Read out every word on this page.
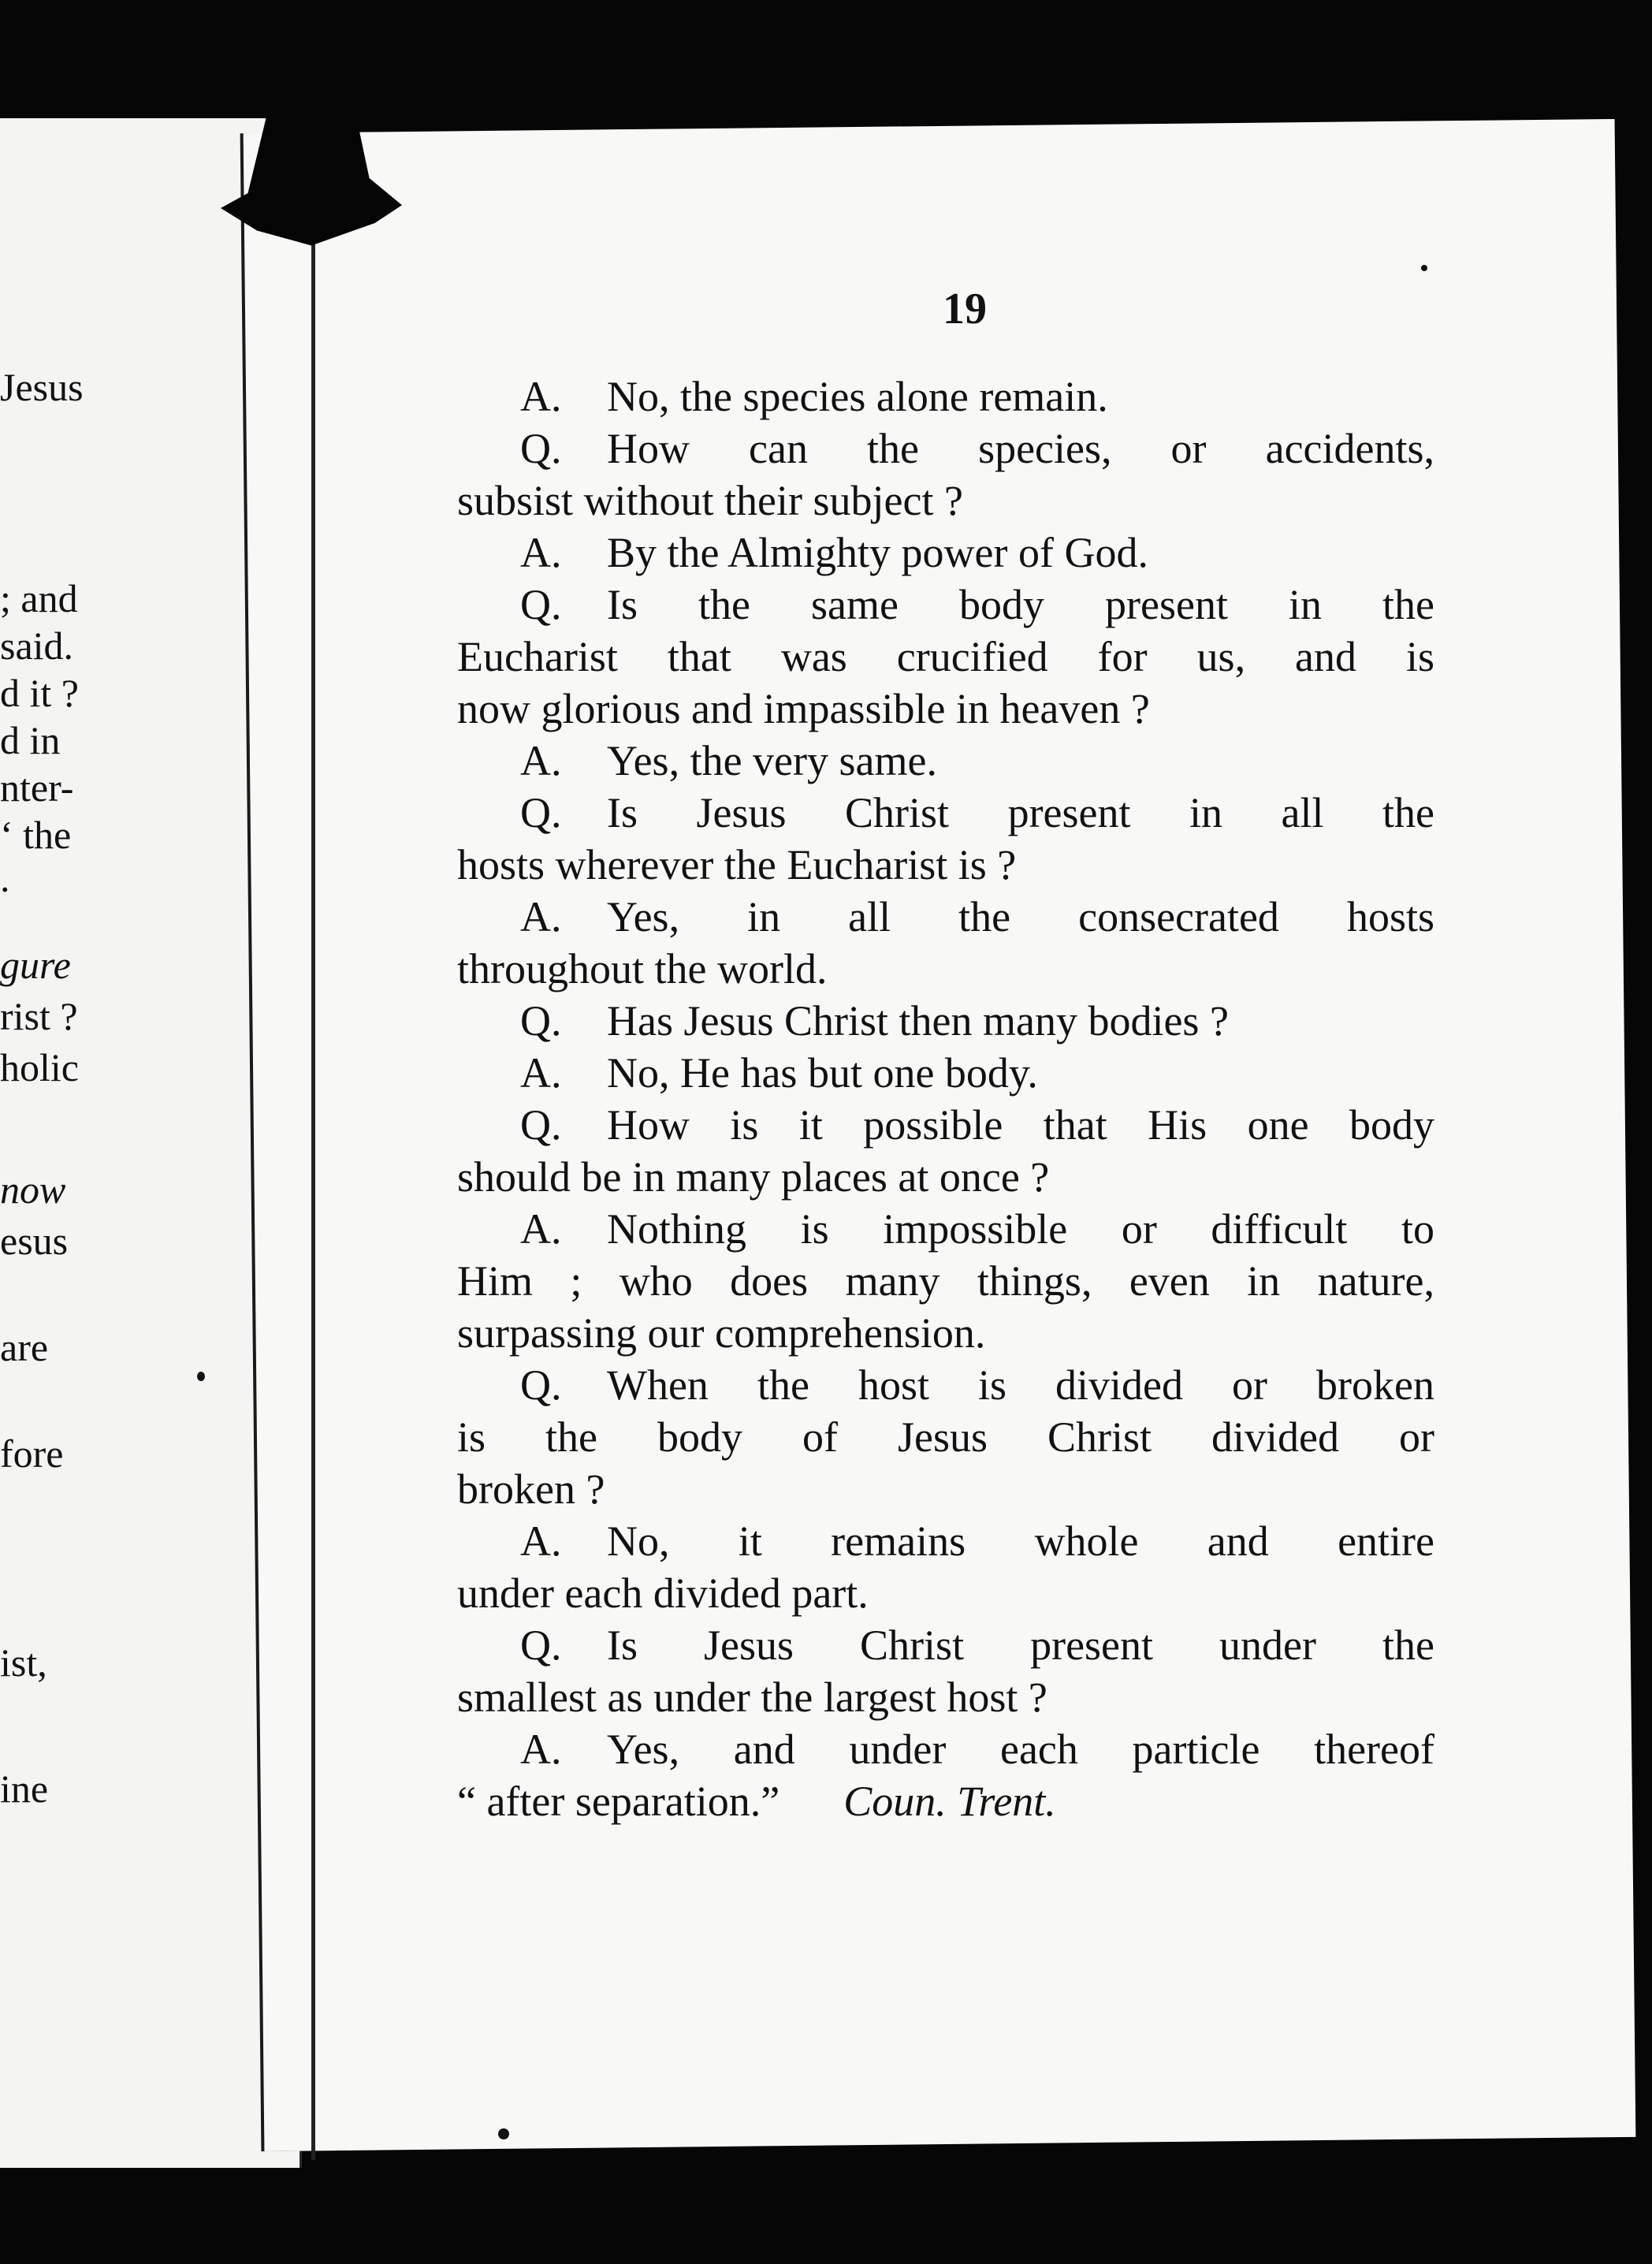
Jesus
; and
said.
d it ?
d in
nter-
‘ the
.
gure
rist ?
holic
now
esus
are
fore
ist,
ine
19
A. No, the species alone remain.
Q. How can the species, or accidents,
subsist without their subject ?
A. By the Almighty power of God.
Q. Is the same body present in the
Eucharist that was crucified for us, and is
now glorious and impassible in heaven ?
A. Yes, the very same.
Q. Is Jesus Christ present in all the
hosts wherever the Eucharist is ?
A. Yes, in all the consecrated hosts
throughout the world.
Q. Has Jesus Christ then many bodies ?
A. No, He has but one body.
Q. How is it possible that His one body
should be in many places at once ?
A. Nothing is impossible or difficult to
Him ; who does many things, even in nature,
surpassing our comprehension.
Q. When the host is divided or broken
is the body of Jesus Christ divided or
broken ?
A. No, it remains whole and entire
under each divided part.
Q. Is Jesus Christ present under the
smallest as under the largest host ?
A. Yes, and under each particle thereof
“ after separation.” Coun. Trent.
